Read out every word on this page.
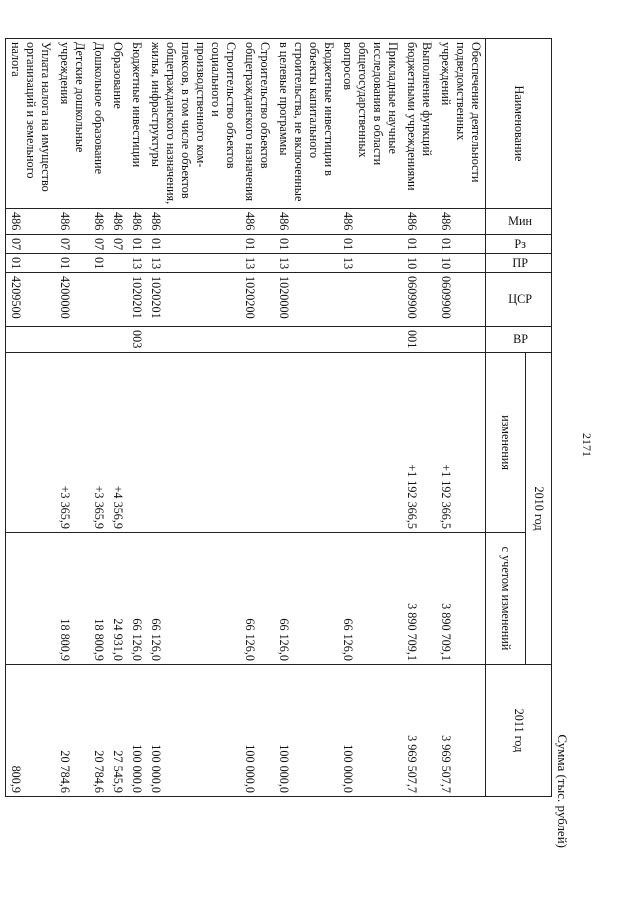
2171
Сумма (тыс. рублей)
Наименование	Мин	Рз	ПР	ЦСР	ВР	2010 год		2011 год
						изменения	с учетом изменений	
Обеспечение деятельности подведомственных учреждений	486	01	10	0609900		+1 192 366,5	3 890 709,1	3 969 507,7
Выполнение функций бюджетными учреждениями	486	01	10	0609900	001	+1 192 366,5	3 890 709,1	3 969 507,7
Прикладные научные исследования в области общегосударственных вопросов	486	01	13				66 126,0	100 000,0
Бюджетные инвестиции в объекты капитального строительства, не включенные в целевые программы	486	01	13	1020000			66 126,0	100 000,0
Строительство объектов общегражданского назначения	486	01	13	1020200			66 126,0	100 000,0
Строительство объектов социального и производственного комплексов, в том числе объектов общегражданского назначения, жилья, инфраструктуры	486	01	13	1020201			66 126,0	100 000,0
Бюджетные инвестиции	486	01	13	1020201	003		66 126,0	100 000,0
Образование	486	07				+4 356,9	24 931,0	27 545,9
Дошкольное образование	486	07	01			+3 365,9	18 800,9	20 784,6
Детские дошкольные учреждения	486	07	01	4200000		+3 365,9	18 800,9	20 784,6
Уплата налога на имущество организаций и земельного налога	486	07	01	4209500				800,9
